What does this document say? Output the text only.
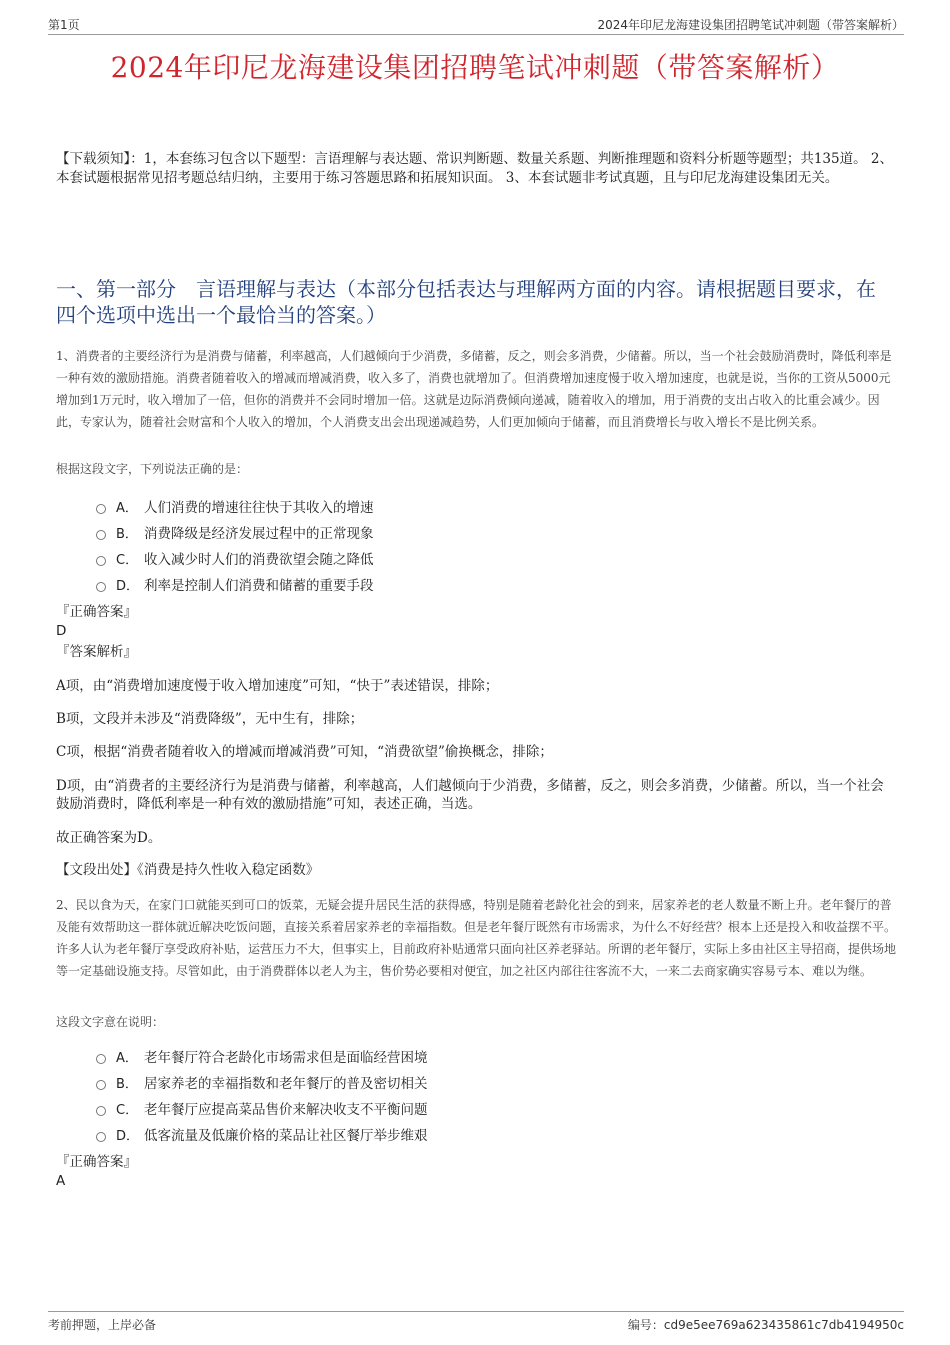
第1页	2024年印尼龙海建设集团招聘笔试冲刺题（带答案解析）
2024年印尼龙海建设集团招聘笔试冲刺题（带答案解析）
【下载须知】：1，本套练习包含以下题型：言语理解与表达题、常识判断题、数量关系题、判断推理题和资料分析题等题型；共135道。 2、本套试题根据常见招考题总结归纳，主要用于练习答题思路和拓展知识面。 3、本套试题非考试真题，且与印尼龙海建设集团无关。
一、第一部分　言语理解与表达（本部分包括表达与理解两方面的内容。请根据题目要求，在四个选项中选出一个最恰当的答案。）
1、消费者的主要经济行为是消费与储蓄，利率越高，人们越倾向于少消费，多储蓄，反之，则会多消费，少储蓄。所以，当一个社会鼓励消费时，降低利率是一种有效的激励措施。消费者随着收入的增减而增减消费，收入多了，消费也就增加了。但消费增加速度慢于收入增加速度，也就是说，当你的工资从5000元增加到1万元时，收入增加了一倍，但你的消费并不会同时增加一倍。这就是边际消费倾向递减，随着收入的增加，用于消费的支出占收入的比重会减少。因此，专家认为，随着社会财富和个人收入的增加，个人消费支出会出现递减趋势，人们更加倾向于储蓄，而且消费增长与收入增长不是比例关系。
根据这段文字，下列说法正确的是：
A． 人们消费的增速往往快于其收入的增速
B． 消费降级是经济发展过程中的正常现象
C． 收入减少时人们的消费欲望会随之降低
D． 利率是控制人们消费和储蓄的重要手段
『正确答案』
D
『答案解析』
A项，由“消费增加速度慢于收入增加速度”可知，“快于”表述错误，排除；
B项，文段并未涉及“消费降级”，无中生有，排除；
C项，根据“消费者随着收入的增减而增减消费”可知，“消费欲望”偷换概念，排除；
D项，由“消费者的主要经济行为是消费与储蓄，利率越高，人们越倾向于少消费，多储蓄，反之，则会多消费，少储蓄。所以，当一个社会鼓励消费时，降低利率是一种有效的激励措施”可知，表述正确，当选。
故正确答案为D。
【文段出处】《消费是持久性收入稳定函数》
2、民以食为天，在家门口就能买到可口的饭菜，无疑会提升居民生活的获得感，特别是随着老龄化社会的到来，居家养老的老人数量不断上升。老年餐厅的普及能有效帮助这一群体就近解决吃饭问题，直接关系着居家养老的幸福指数。但是老年餐厅既然有市场需求，为什么不好经营？根本上还是投入和收益摆不平。许多人认为老年餐厅享受政府补贴，运营压力不大，但事实上，目前政府补贴通常只面向社区养老驿站。所谓的老年餐厅，实际上多由社区主导招商，提供场地等一定基础设施支持。尽管如此，由于消费群体以老人为主，售价势必要相对便宜，加之社区内部往往客流不大，一来二去商家确实容易亏本、难以为继。
这段文字意在说明：
A． 老年餐厅符合老龄化市场需求但是面临经营困境
B． 居家养老的幸福指数和老年餐厅的普及密切相关
C． 老年餐厅应提高菜品售价来解决收支不平衡问题
D． 低客流量及低廉价格的菜品让社区餐厅举步维艰
『正确答案』
A
考前押题，上岸必备	编号：cd9e5ee769a623435861c7db4194950c
